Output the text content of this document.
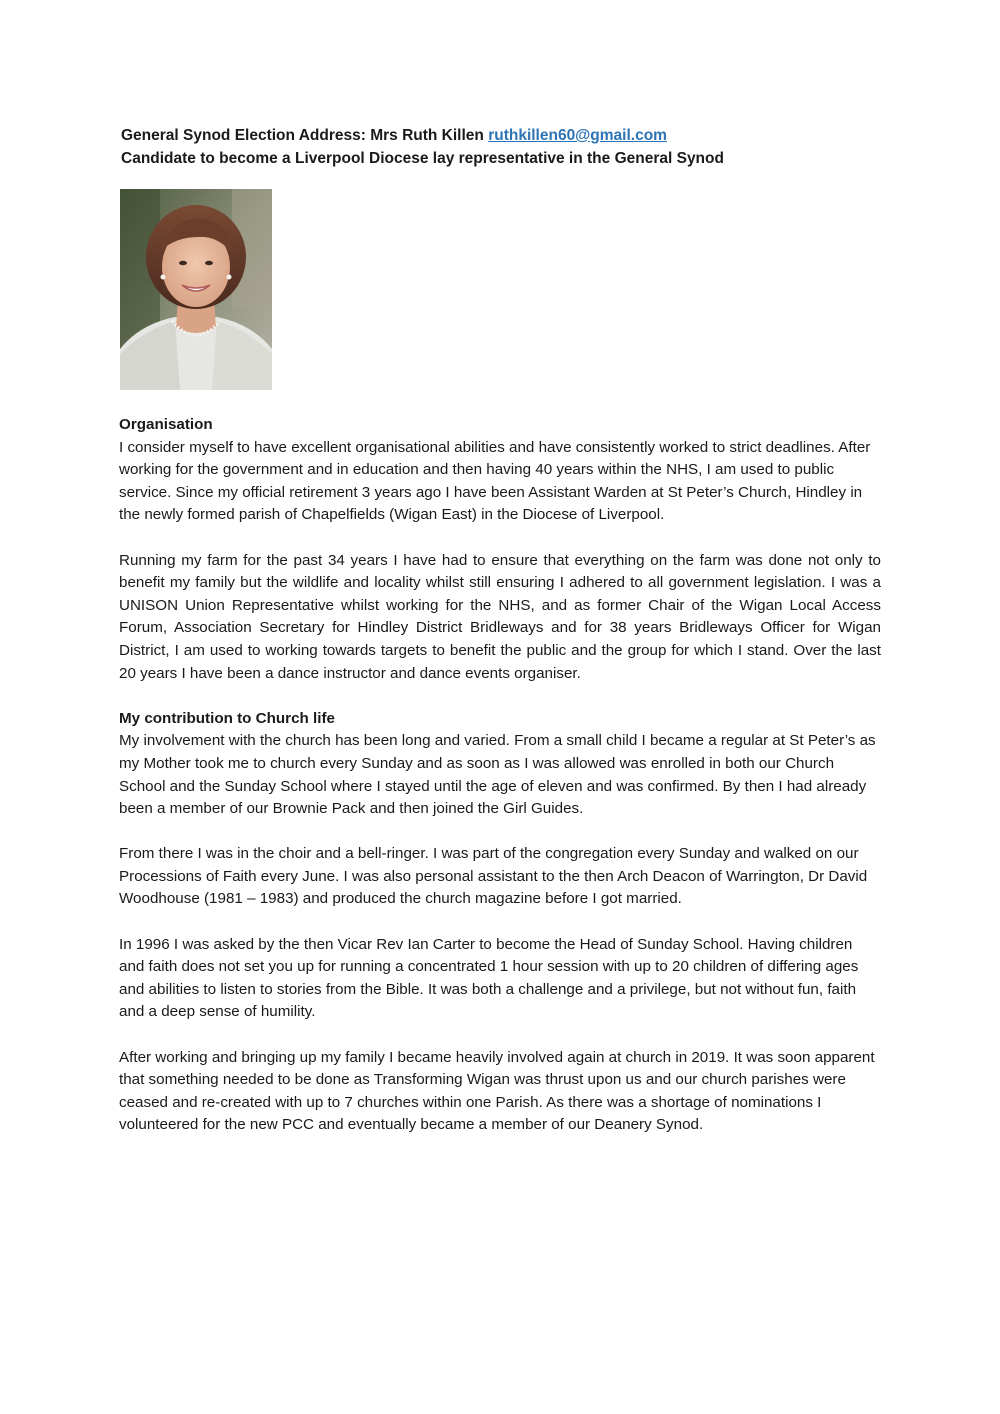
General Synod Election Address: Mrs Ruth Killen ruthkillen60@gmail.com
Candidate to become a Liverpool Diocese lay representative in the General Synod
Organisation

I consider myself to have excellent organisational abilities and have consistently worked to strict deadlines. After working for the government and in education and then having 40 years within the NHS, I am used to public service. Since my official retirement 3 years ago I have been Assistant Warden at St Peter’s Church, Hindley in the newly formed parish of Chapelfields (Wigan East) in the Diocese of Liverpool.

Running my farm for the past 34 years I have had to ensure that everything on the farm was done not only to benefit my family but the wildlife and locality whilst still ensuring I adhered to all government legislation. I was a UNISON Union Representative whilst working for the NHS, and as former Chair of the Wigan Local Access Forum, Association Secretary for Hindley District Bridleways and for 38 years Bridleways Officer for Wigan District, I am used to working towards targets to benefit the public and the group for which I stand. Over the last 20 years I have been a dance instructor and dance events organiser.

My contribution to Church life

My involvement with the church has been long and varied. From a small child I became a regular at St Peter’s as my Mother took me to church every Sunday and as soon as I was allowed was enrolled in both our Church School and the Sunday School where I stayed until the age of eleven and was confirmed. By then I had already been a member of our Brownie Pack and then joined the Girl Guides.

From there I was in the choir and a bell-ringer. I was part of the congregation every Sunday and walked on our Processions of Faith every June. I was also personal assistant to the then Arch Deacon of Warrington, Dr David Woodhouse (1981 – 1983) and produced the church magazine before I got married.

In 1996 I was asked by the then Vicar Rev Ian Carter to become the Head of Sunday School. Having children and faith does not set you up for running a concentrated 1 hour session with up to 20 children of differing ages and abilities to listen to stories from the Bible. It was both a challenge and a privilege, but not without fun, faith and a deep sense of humility.

After working and bringing up my family I became heavily involved again at church in 2019. It was soon apparent that something needed to be done as Transforming Wigan was thrust upon us and our church parishes were ceased and re-created with up to 7 churches within one Parish. As there was a shortage of nominations I volunteered for the new PCC and eventually became a member of our Deanery Synod.
